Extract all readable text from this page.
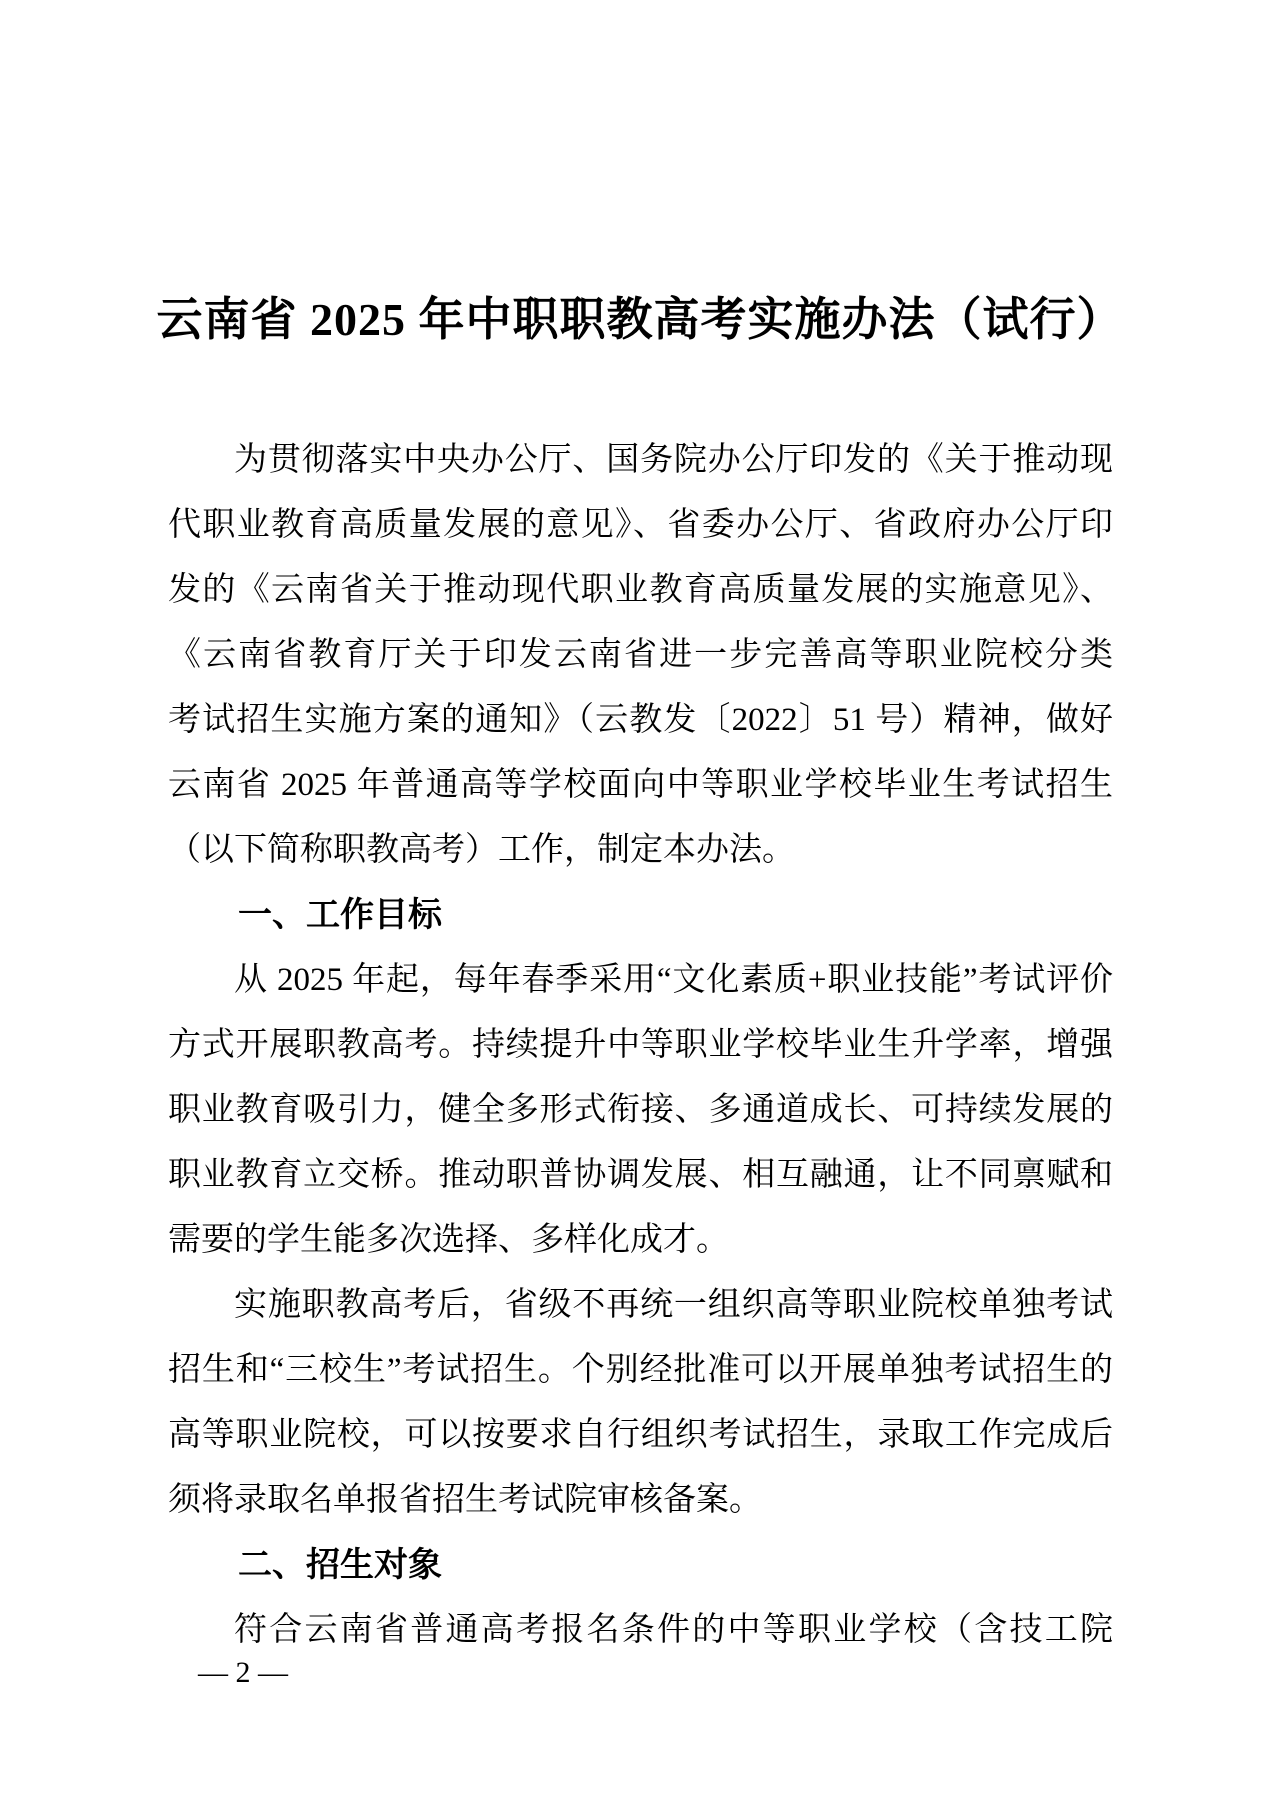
云南省 2025 年中职职教高考实施办法（试行）
为贯彻落实中央办公厅、国务院办公厅印发的《关于推动现
代职业教育高质量发展的意见》、省委办公厅、省政府办公厅印
发的《云南省关于推动现代职业教育高质量发展的实施意见》、
《云南省教育厅关于印发云南省进一步完善高等职业院校分类
考试招生实施方案的通知》（云教发〔2022〕51 号）精神，做好
云南省 2025 年普通高等学校面向中等职业学校毕业生考试招生
（以下简称职教高考）工作，制定本办法。
一、工作目标
从 2025 年起，每年春季采用“文化素质+职业技能”考试评价
方式开展职教高考。持续提升中等职业学校毕业生升学率，增强
职业教育吸引力，健全多形式衔接、多通道成长、可持续发展的
职业教育立交桥。推动职普协调发展、相互融通，让不同禀赋和
需要的学生能多次选择、多样化成才。
实施职教高考后，省级不再统一组织高等职业院校单独考试
招生和“三校生”考试招生。个别经批准可以开展单独考试招生的
高等职业院校，可以按要求自行组织考试招生，录取工作完成后
须将录取名单报省招生考试院审核备案。
二、招生对象
符合云南省普通高考报名条件的中等职业学校（含技工院
— 2 —
